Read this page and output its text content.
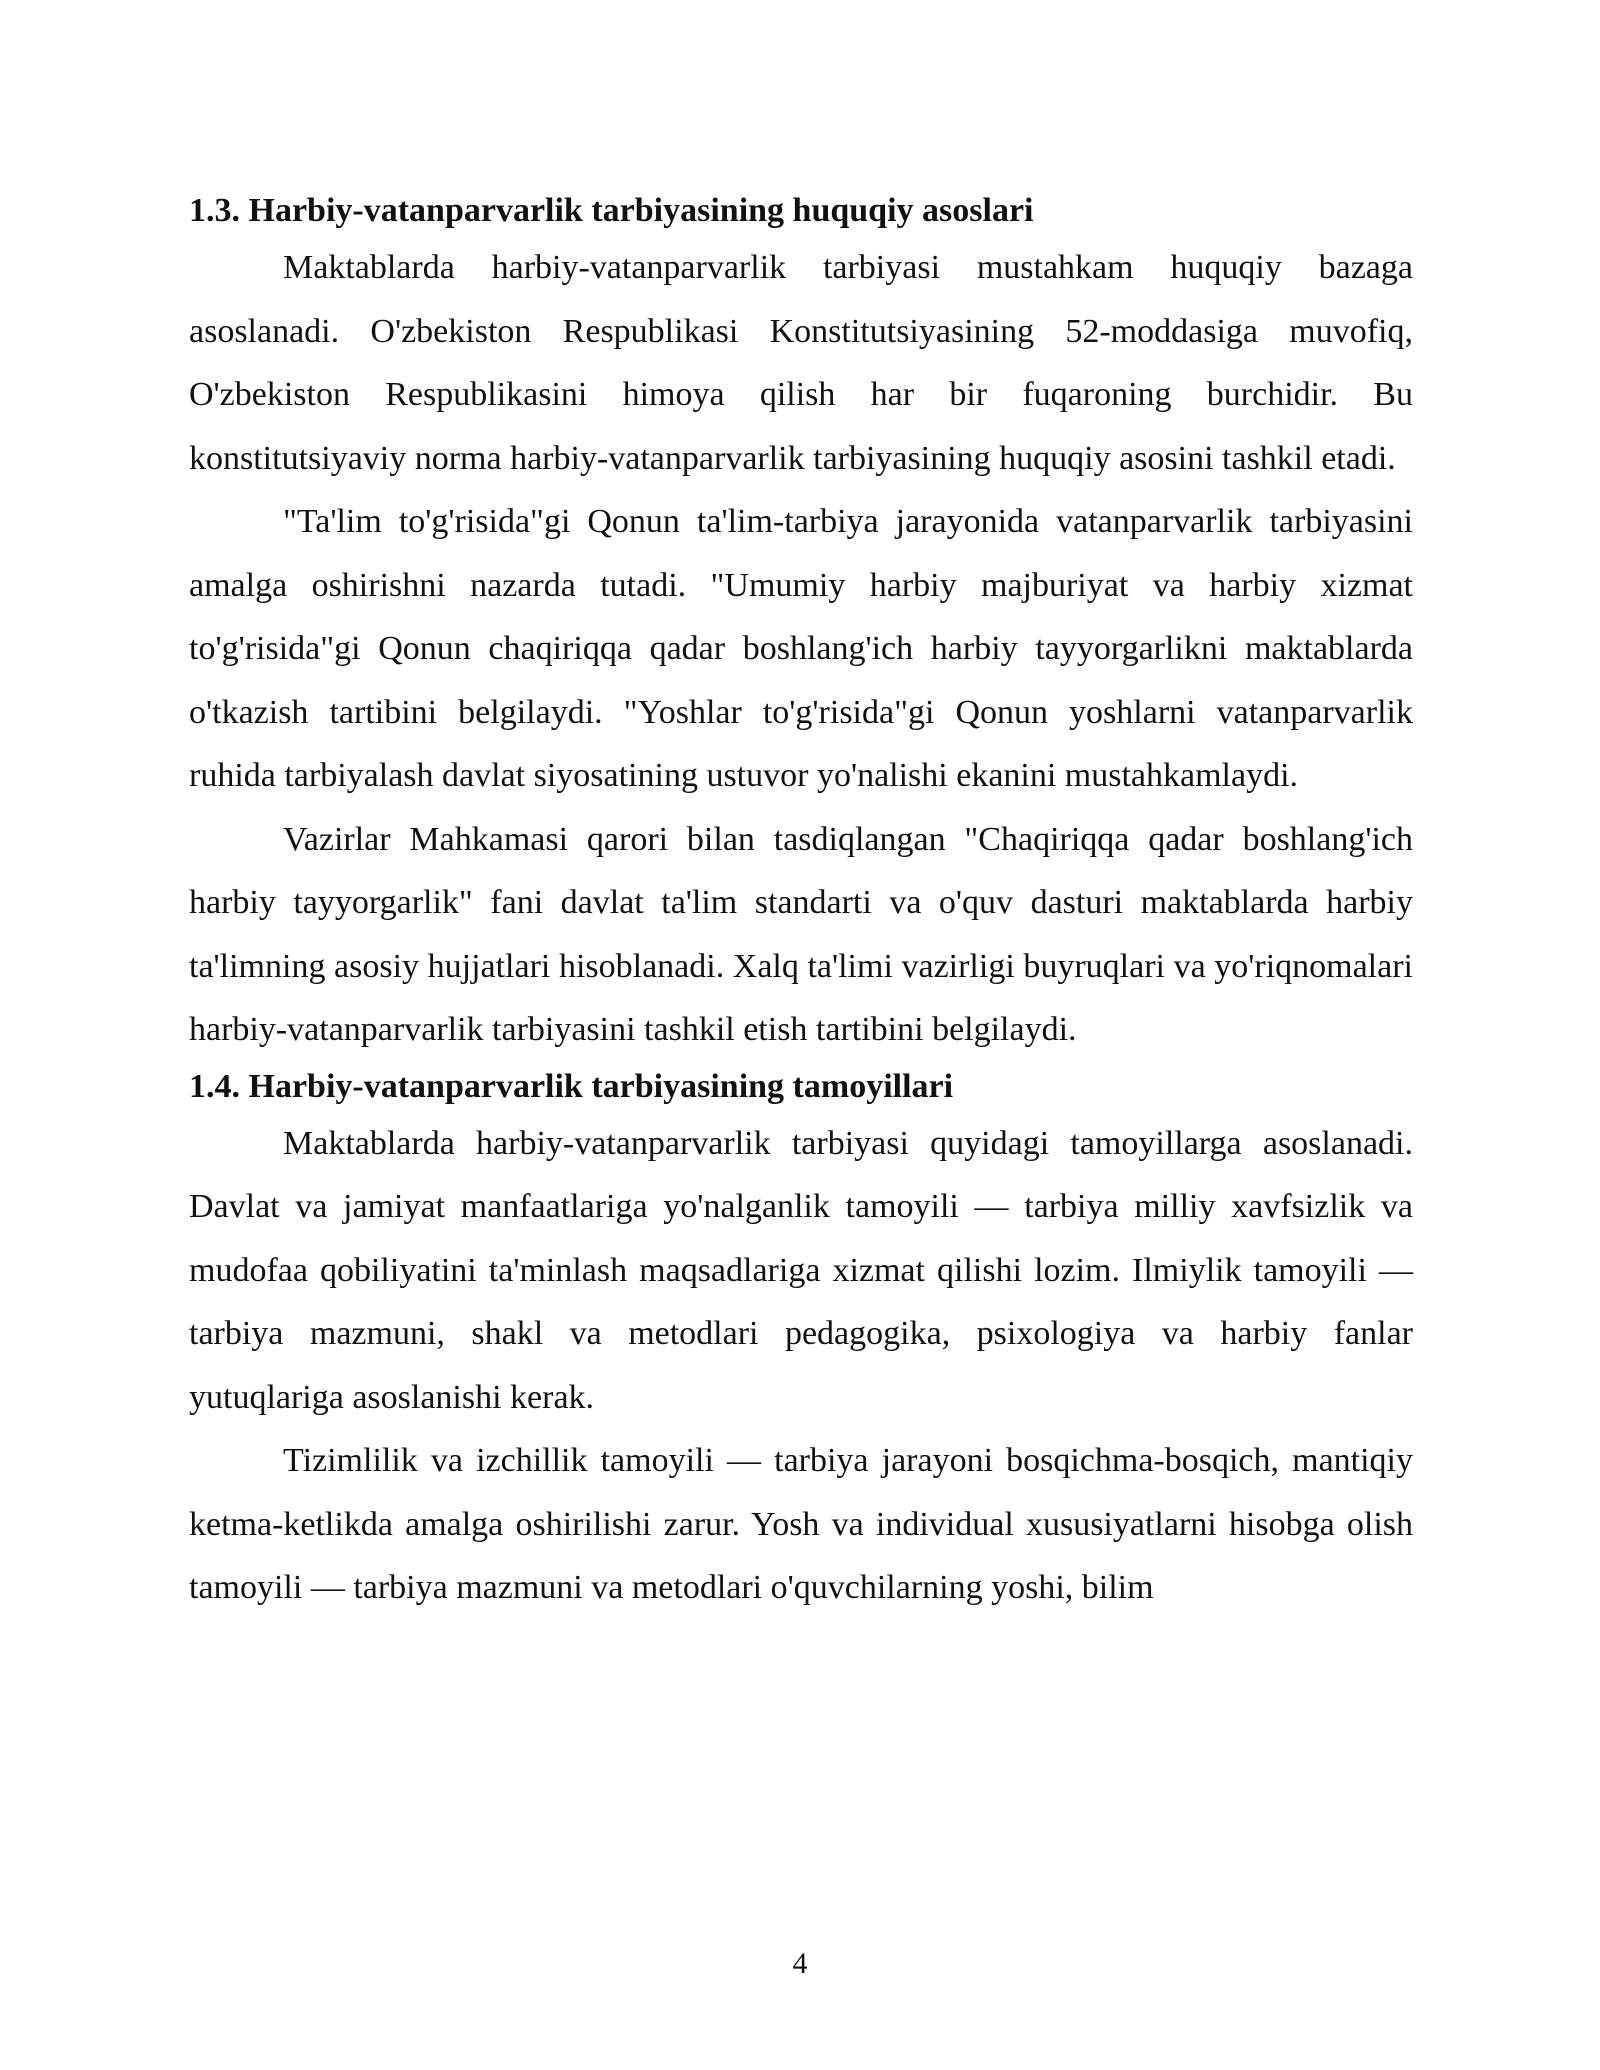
1.3. Harbiy-vatanparvarlik tarbiyasining huquqiy asoslari

Maktablarda harbiy-vatanparvarlik tarbiyasi mustahkam huquqiy bazaga asoslanadi. O'zbekiston Respublikasi Konstitutsiyasining 52-moddasiga muvofiq, O'zbekiston Respublikasini himoya qilish har bir fuqaroning burchidir. Bu konstitutsiyaviy norma harbiy-vatanparvarlik tarbiyasining huquqiy asosini tashkil etadi.

"Ta'lim to'g'risida"gi Qonun ta'lim-tarbiya jarayonida vatanparvarlik tarbiyasini amalga oshirishni nazarda tutadi. "Umumiy harbiy majburiyat va harbiy xizmat to'g'risida"gi Qonun chaqiriqqa qadar boshlang'ich harbiy tayyorgarlikni maktablarda o'tkazish tartibini belgilaydi. "Yoshlar to'g'risida"gi Qonun yoshlarni vatanparvarlik ruhida tarbiyalash davlat siyosatining ustuvor yo'nalishi ekanini mustahkamlaydi.

Vazirlar Mahkamasi qarori bilan tasdiqlangan "Chaqiriqqa qadar boshlang'ich harbiy tayyorgarlik" fani davlat ta'lim standarti va o'quv dasturi maktablarda harbiy ta'limning asosiy hujjatlari hisoblanadi. Xalq ta'limi vazirligi buyruqlari va yo'riqnomalari harbiy-vatanparvarlik tarbiyasini tashkil etish tartibini belgilaydi.

1.4. Harbiy-vatanparvarlik tarbiyasining tamoyillari

Maktablarda harbiy-vatanparvarlik tarbiyasi quyidagi tamoyillarga asoslanadi. Davlat va jamiyat manfaatlariga yo'nalganlik tamoyili — tarbiya milliy xavfsizlik va mudofaa qobiliyatini ta'minlash maqsadlariga xizmat qilishi lozim. Ilmiylik tamoyili — tarbiya mazmuni, shakl va metodlari pedagogika, psixologiya va harbiy fanlar yutuqlariga asoslanishi kerak.

Tizimlilik va izchillik tamoyili — tarbiya jarayoni bosqichma-bosqich, mantiqiy ketma-ketlikda amalga oshirilishi zarur. Yosh va individual xususiyatlarni hisobga olish tamoyili — tarbiya mazmuni va metodlari o'quvchilarning yoshi, bilim

4
